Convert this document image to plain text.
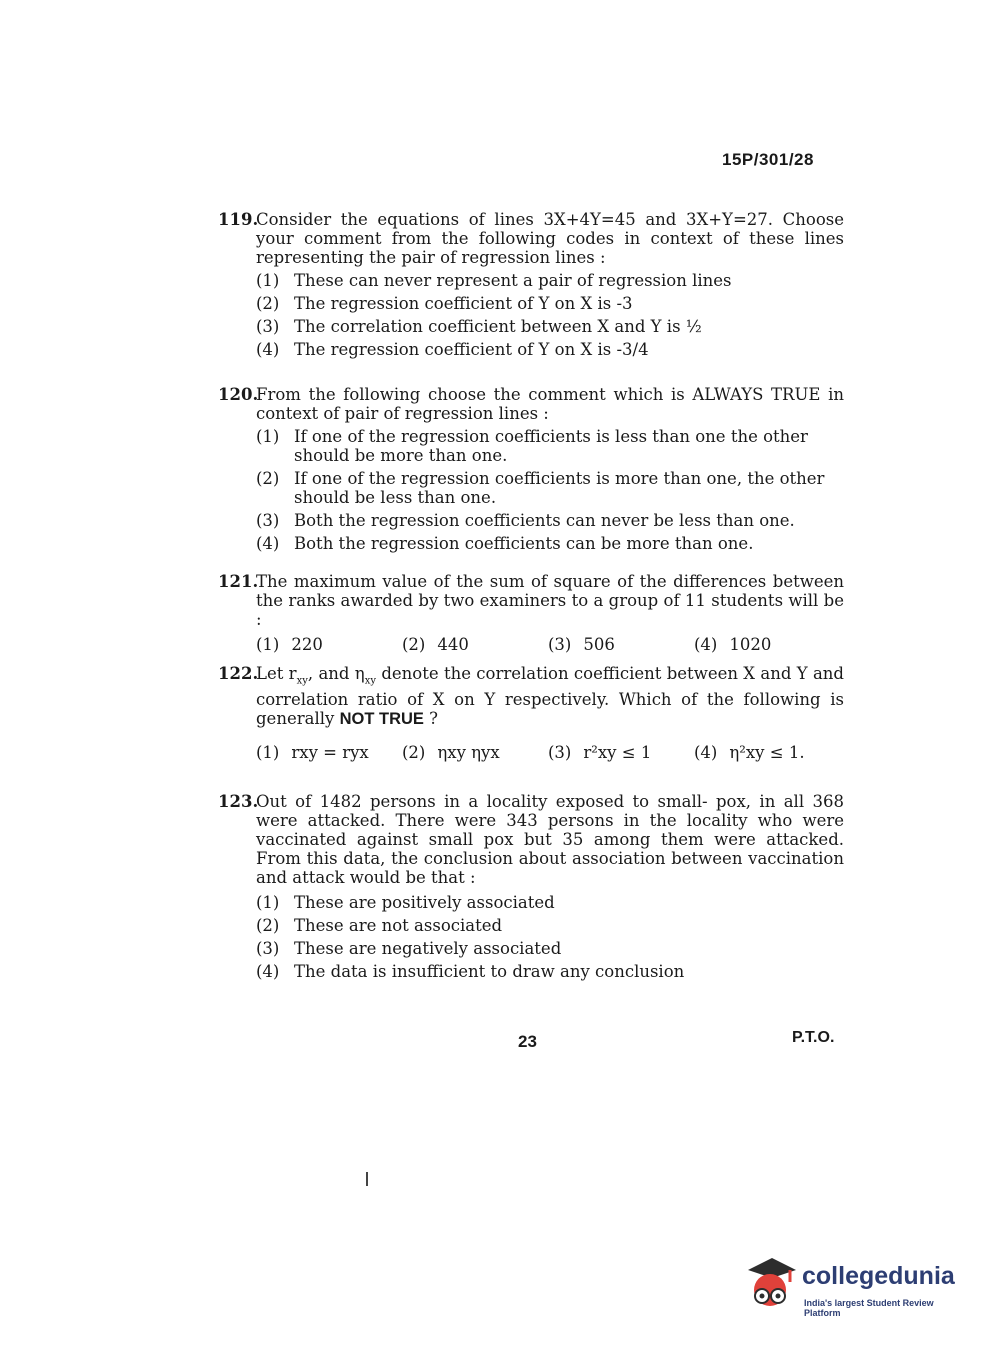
15P/301/28
119.
Consider the equations of lines 3X+4Y=45 and 3X+Y=27. Choose your comment from the following codes in context of these lines representing the pair of regression lines :
(1) These can never represent a pair of regression lines
(2) The regression coefficient of Y on X is -3
(3) The correlation coefficient between X and Y is ½
(4) The regression coefficient of Y on X is -3/4
120.
From the following choose the comment which is ALWAYS TRUE in context of pair of regression lines :
(1) If one of the regression coefficients is less than one the other should be more than one.
(2) If one of the regression coefficients is more than one, the other should be less than one.
(3) Both the regression coefficients can never be less than one.
(4) Both the regression coefficients can be more than one.
121.
The maximum value of the sum of square of the differences between the ranks awarded by two examiners to a group of 11 students will be :
(1) 220	(2) 440	(3) 506	(4) 1020
122.
Let $r_{xy}$, and $\eta_{xy}$ denote the correlation coefficient between X and Y and correlation ratio of X on Y respectively. Which of the following is generally NOT TRUE ?
(1) rxy = ryx	(2) ηxy ηyx	(3) r²xy ≤ 1	(4) η²xy ≤ 1.
123.
Out of 1482 persons in a locality exposed to small- pox, in all 368 were attacked. There were 343 persons in the locality who were vaccinated against small pox but 35 among them were attacked. From this data, the conclusion about association between vaccination and attack would be that :
(1) These are positively associated
(2) These are not associated
(3) These are negatively associated
(4) The data is insufficient to draw any conclusion
23	P.T.O.
collegedunia
India's largest Student Review Platform
